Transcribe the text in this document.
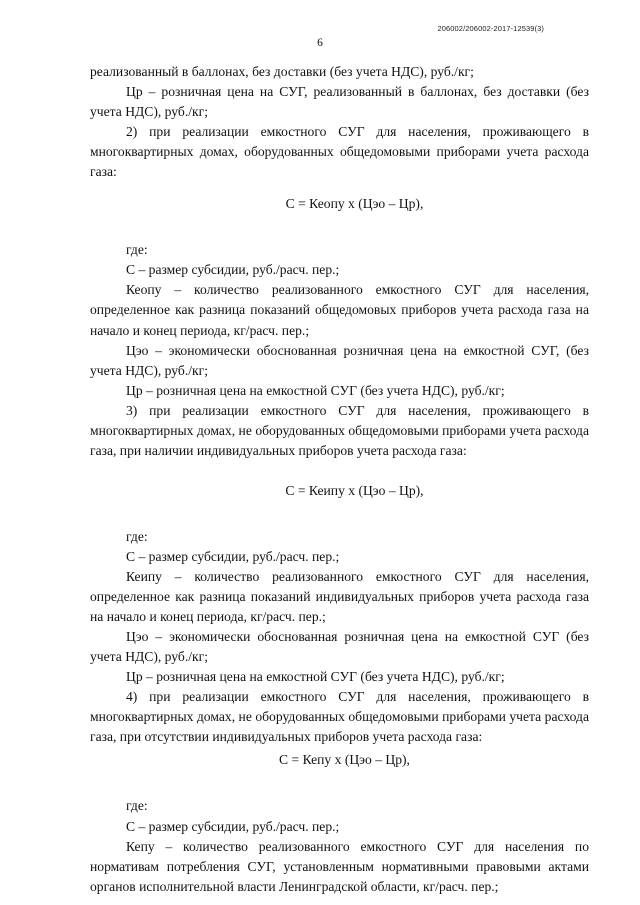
206002/206002-2017-12539(3)
6

реализованный в баллонах, без доставки (без учета НДС), руб./кг;

Цр – розничная цена на СУГ, реализованный в баллонах, без доставки (без учета НДС), руб./кг;

2) при реализации емкостного СУГ для населения, проживающего в многоквартирных домах, оборудованных общедомовыми приборами учета расхода газа:

С = Кеопу х (Цэо – Цр),

где:

С – размер субсидии, руб./расч. пер.;

Кеопу – количество реализованного емкостного СУГ для населения, определенное как разница показаний общедомовых приборов учета расхода газа на начало и конец периода, кг/расч. пер.;

Цэо – экономически обоснованная розничная цена на емкостной СУГ, (без учета НДС), руб./кг;

Цр – розничная цена на емкостной СУГ (без учета НДС), руб./кг;

3) при реализации емкостного СУГ для населения, проживающего в многоквартирных домах, не оборудованных общедомовыми приборами учета расхода газа, при наличии индивидуальных приборов учета расхода газа:

С = Кеипу х (Цэо – Цр),

где:

С – размер субсидии, руб./расч. пер.;

Кеипу – количество реализованного емкостного СУГ для населения, определенное как разница показаний индивидуальных приборов учета расхода газа на начало и конец периода, кг/расч. пер.;

Цэо – экономически обоснованная розничная цена на емкостной СУГ (без учета НДС), руб./кг;

Цр – розничная цена на емкостной СУГ (без учета НДС), руб./кг;

4) при реализации емкостного СУГ для населения, проживающего в многоквартирных домах, не оборудованных общедомовыми приборами учета расхода газа, при отсутствии индивидуальных приборов учета расхода газа:

С = Кепу х (Цэо – Цр),

где:

С – размер субсидии, руб./расч. пер.;

Кепу – количество реализованного емкостного СУГ для населения по нормативам потребления СУГ, установленным нормативными правовыми актами органов исполнительной власти Ленинградской области, кг/расч. пер.;
